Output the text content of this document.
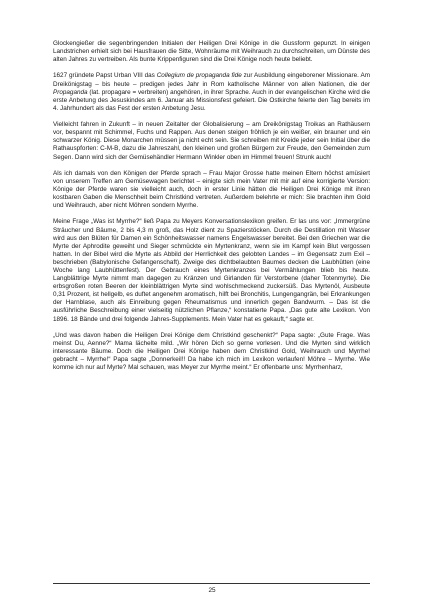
Glockengießer die segenbringenden Initialen der Heiligen Drei Könige in die Gussform gepunzt. In einigen Landstrichen erhielt sich bei Hausfrauen die Sitte, Wohnräume mit Weihrauch zu durchschreiten, um Dünste des alten Jahres zu vertreiben. Als bunte Krippenfiguren sind die Drei Könige noch heute beliebt.

1627 gründete Papst Urban VIII das Collegium de propaganda fide zur Ausbildung eingeborener Missionare. Am Dreikönigstag – bis heute – predigen jedes Jahr in Rom katholische Männer von allen Nationen, die der Propaganda (lat. propagare = verbreiten) angehören, in ihrer Sprache. Auch in der evangelischen Kirche wird die erste Anbetung des Jesuskindes am 6. Januar als Missionsfest gefeiert. Die Ostkirche feierte den Tag bereits im 4. Jahrhundert als das Fest der ersten Anbetung Jesu.

Vielleicht fahren in Zukunft – in neuen Zeitalter der Globalisierung – am Dreikönigstag Troikas an Rathäusern vor, bespannt mit Schimmel, Fuchs und Rappen. Aus denen steigen fröhlich je ein weißer, ein brauner und ein schwarzer König. Diese Monarchen müssen ja nicht echt sein. Sie schreiben mit Kreide jeder sein Initial über die Rathauspforten: C-M-B, dazu die Jahreszahl, den kleinen und großen Bürgern zur Freude, den Gemeinden zum Segen. Dann wird sich der Gemüsehändler Hermann Winkler oben im Himmel freuen! Strunk auch!

Als ich damals von den Königen der Pferde sprach – Frau Major Grosse hatte meinen Eltern höchst amüsiert von unserem Treffen am Gemüsewagen berichtet – einigte sich mein Vater mit mir auf eine korrigierte Version: Könige der Pferde waren sie vielleicht auch, doch in erster Linie hätten die Heiligen Drei Könige mit ihren kostbaren Gaben die Menschheit beim Christkind vertreten. Außerdem belehrte er mich: Sie brachten ihm Gold und Weihrauch, aber nicht Möhren sondern Myrrhe.

Meine Frage „Was ist Myrrhe?“ ließ Papa zu Meyers Konversationslexikon greifen. Er las uns vor: „Immergrüne Sträucher und Bäume, 2 bis 4,3 m groß, das Holz dient zu Spazierstöcken. Durch die Destillation mit Wasser wird aus den Blüten für Damen ein Schönheitswasser namens Engelswasser bereitet. Bei den Griechen war die Myrte der Aphrodite geweiht und Sieger schmückte ein Myrtenkranz, wenn sie im Kampf kein Blut vergossen hatten. In der Bibel wird die Myrte als Abbild der Herrlichkeit des gelobten Landes – im Gegensatz zum Exil – beschrieben (Babylonische Gefangenschaft). Zweige des dichtbelaubten Baumes decken die Laubhütten (eine Woche lang Laubhüttenfest). Der Gebrauch eines Myrtenkranzes bei Vermählungen blieb bis heute. Langblättrige Myrte nimmt man dagegen zu Kränzen und Girlanden für Verstorbene (daher Totenmyrte). Die erbsgroßen roten Beeren der kleinblättrigen Myrte sind wohlschmeckend zuckersüß. Das Myrtenöl, Ausbeute 0,31 Prozent, ist hellgelb, es duftet angenehm aromatisch, hilft bei Bronchitis, Lungengangrän, bei Erkrankungen der Harnblase, auch als Einreibung gegen Rheumatismus und innerlich gegen Bandwurm. – Das ist die ausführliche Beschreibung einer vielseitig nützlichen Pflanze,“ konstatierte Papa. „Das gute alte Lexikon. Von 1896. 18 Bände und drei folgende Jahres-Supplements. Mein Vater hat es gekauft,“ sagte er.

„Und was davon haben die Heiligen Drei Könige dem Christkind geschenkt?“ Papa sagte: „Gute Frage. Was meinst Du, Aenne?“ Mama lächelte mild. „Wir hören Dich so gerne vorlesen. Und die Myrten sind wirklich interessante Bäume. Doch die Heiligen Drei Könige haben dem Christkind Gold, Weihrauch und Myrrhe! gebracht – Myrrhe!“ Papa sagte „Donnerkeil!! Da habe ich mich im Lexikon verlaufen! Möhre – Myrrhe. Wie komme ich nur auf Myrte? Mal schauen, was Meyer zur Myrrhe meint.“ Er offenbarte uns: Myrrhenharz,

25
